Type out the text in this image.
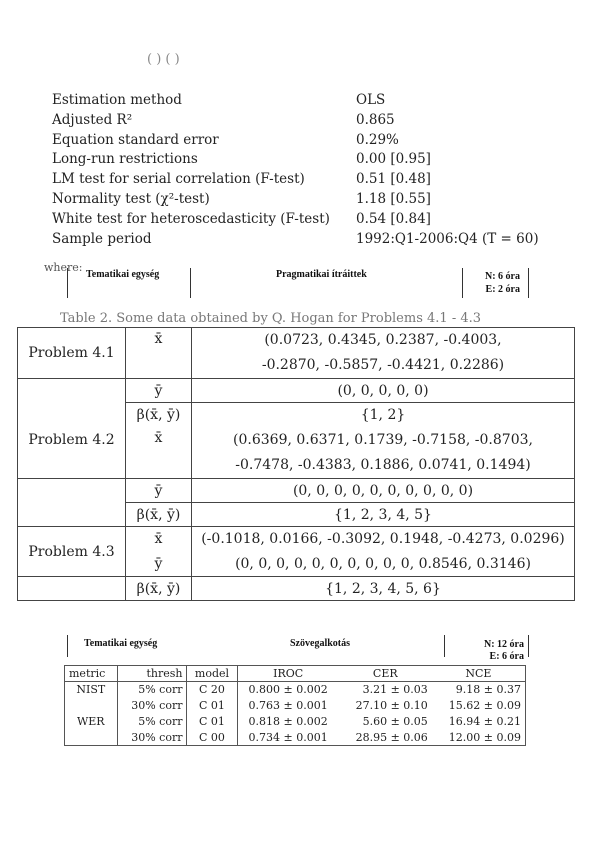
( ) ( )
Estimation method	OLS
Adjusted R²	0.865
Equation standard error	0.29%
Long-run restrictions	0.00 [0.95]
LM test for serial correlation (F-test)	0.51 [0.48]
Normality test (χ²-test)	1.18 [0.55]
White test for heteroscedasticity (F-test) 0.54 [0.84]
Sample period	1992:Q1-2006:Q4 (T = 60)
where:
Tematikai egység	Pragmatikai ítráittek	N: 6 óra
E: 2 óra
Table 2. Some data obtained by Q. Hogan for Problems 4.1 - 4.3
Problem 4.1	x̄	(0.0723, 0.4345, 0.2387, -0.4003,
		-0.2870, -0.5857, -0.4421, 0.2286)
	ȳ	(0, 0, 0, 0, 0)
Problem 4.2	β(x̄, ȳ)	{1, 2}
	x̄	(0.6369, 0.6371, 0.1739, -0.7158, -0.8703,
		-0.7478, -0.4383, 0.1886, 0.0741, 0.1494)
	ȳ	(0, 0, 0, 0, 0, 0, 0, 0, 0, 0)
	β(x̄, ȳ)	{1, 2, 3, 4, 5}
Problem 4.3	x̄	(-0.1018, 0.0166, -0.3092, 0.1948, -0.4273, 0.0296)
	ȳ	(0, 0, 0, 0, 0, 0, 0, 0, 0, 0, 0.8546, 0.3146)
	β(x̄, ȳ)	{1, 2, 3, 4, 5, 6}
Tematikai egység	Szövegalkotás	N: 12 óra
E: 6 óra
metric	thresh	model	IROC	CER	NCE
NIST	5% corr	C 20	0.800 ± 0.002	3.21 ± 0.03	9.18 ± 0.37
	30% corr	C 01	0.763 ± 0.001	27.10 ± 0.10	15.62 ± 0.09
WER	5% corr	C 01	0.818 ± 0.002	5.60 ± 0.05	16.94 ± 0.21
	30% corr	C 00	0.734 ± 0.001	28.95 ± 0.06	12.00 ± 0.09
